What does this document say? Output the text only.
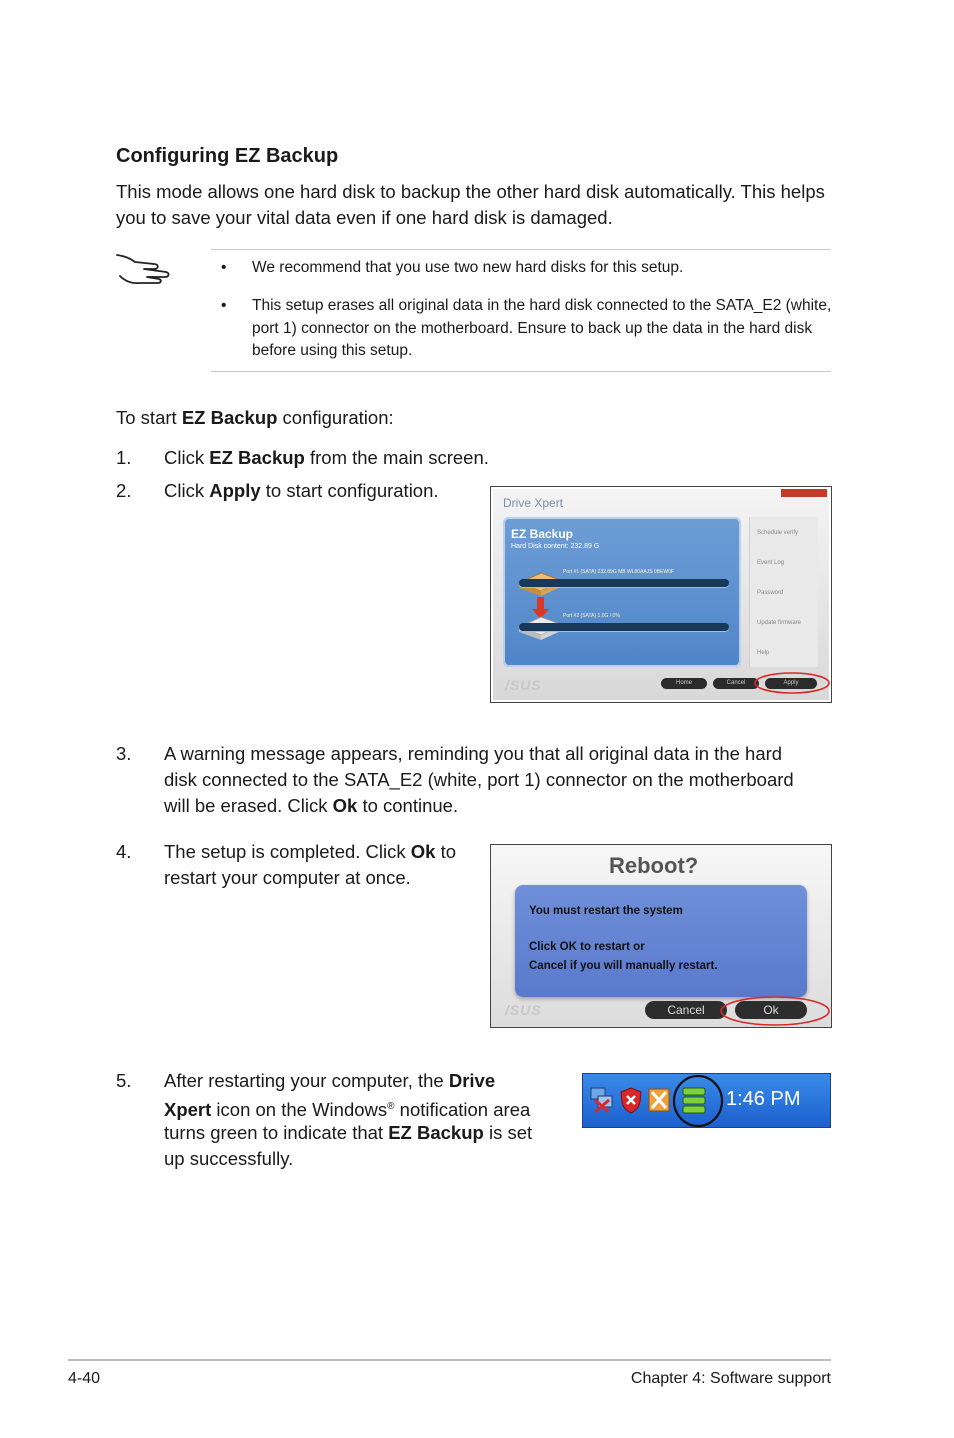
Configuring EZ Backup
This mode allows one hard disk to backup the other hard disk automatically. This helps you to save your vital data even if one hard disk is damaged.
• We recommend that you use two new hard disks for this setup.
• This setup erases all original data in the hard disk connected to the SATA_E2 (white, port 1) connector on the motherboard. Ensure to back up the data in the hard disk before using this setup.
To start EZ Backup configuration:
1. Click EZ Backup from the main screen.
2. Click Apply to start configuration.
Drive Xpert
EZ Backup
Hard Disk content: 232.89 G
Port #1 (SATA) 232.89G MB WL80AAJS 0BEW0F
Port #2 (SATA) 1.0G / 0%
Schedule verify
Event Log
Password
Update firmware
Help
/SUS	Home	Cancel	Apply
3. A warning message appears, reminding you that all original data in the hard
disk connected to the SATA_E2 (white, port 1) connector on the motherboard
will be erased. Click Ok to continue.
4. The setup is completed. Click Ok to
restart your computer at once.	Reboot?
You must restart the system
Click OK to restart or
Cancel if you will manually restart.
/SUS	Cancel	Ok
5. After restarting your computer, the Drive
Xpert icon on the Windows® notification area
turns green to indicate that EZ Backup is set
up successfully.
1:46 PM
4-40	Chapter 4: Software support
